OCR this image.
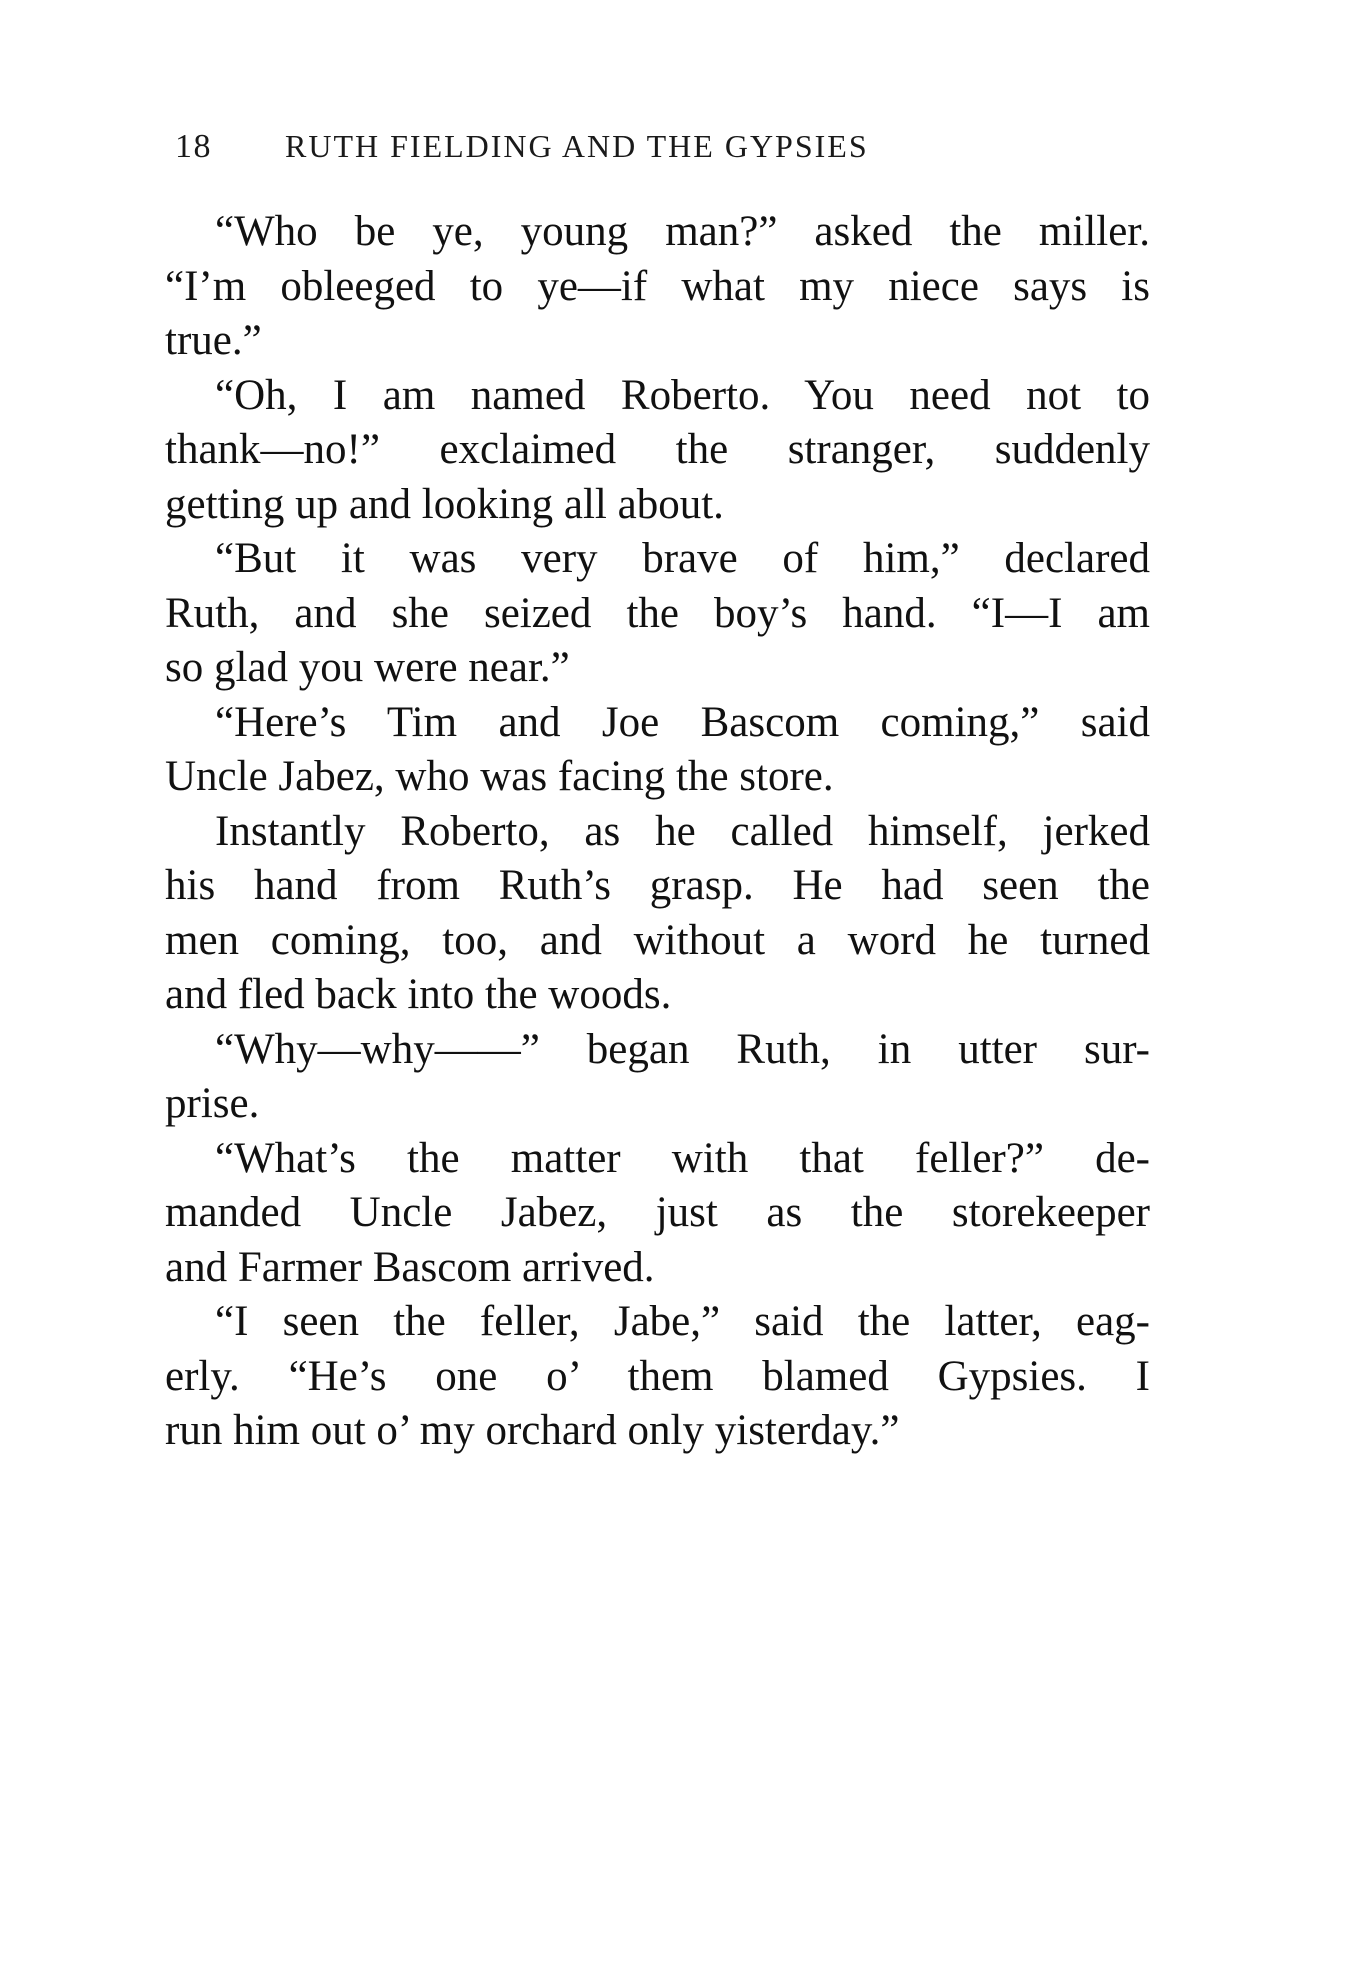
18 RUTH FIELDING AND THE GYPSIES
“Who be ye, young man?” asked the miller.
“I’m obleeged to ye—if what my niece says is
true.”
“Oh, I am named Roberto. You need not to
thank—no!” exclaimed the stranger, suddenly
getting up and looking all about.
“But it was very brave of him,” declared
Ruth, and she seized the boy’s hand. “I—I am
so glad you were near.”
“Here’s Tim and Joe Bascom coming,” said
Uncle Jabez, who was facing the store.
Instantly Roberto, as he called himself, jerked
his hand from Ruth’s grasp. He had seen the
men coming, too, and without a word he turned
and fled back into the woods.
“Why—why——” began Ruth, in utter sur-
prise.
“What’s the matter with that feller?” de-
manded Uncle Jabez, just as the storekeeper
and Farmer Bascom arrived.
“I seen the feller, Jabe,” said the latter, eag-
erly. “He’s one o’ them blamed Gypsies. I
run him out o’ my orchard only yisterday.”
